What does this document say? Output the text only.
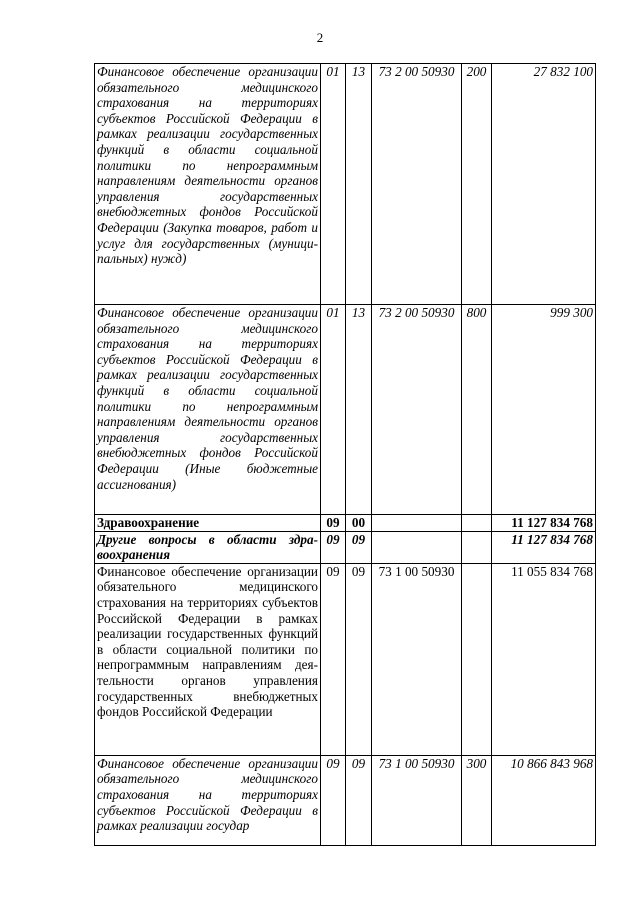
2
Финансовое обеспечение организации обязательного медицинского страхования на территориях субъектов Российской Федерации в рамках реализации государственных функций в области социальной политики по непрограммным направлениям деятельности органов управления государственных внебюджетных фондов Российской Федерации (Закупка товаров, работ и услуг для государственных (муниципальных) нужд)	01	13	73 2 00 50930	200	27 832 100
Финансовое обеспечение организации обязательного медицинского страхования на территориях субъектов Российской Федерации в рамках реализации государственных функций в области социальной политики по непрограммным направлениям деятельности органов управления государственных внебюджетных фондов Российской Федерации (Иные бюджетные ассигнования)	01	13	73 2 00 50930	800	999 300
Здравоохранение	09	00			11 127 834 768
Другие вопросы в области здравоохранения	09	09			11 127 834 768
Финансовое обеспечение организации обязательного медицинского страхования на территориях субъектов Российской Федерации в рамках реализации государственных функций в области социальной политики по непрограммным направлениям деятельности органов управления государственных внебюджетных фондов Российской Федерации	09	09	73 1 00 50930		11 055 834 768
Финансовое обеспечение организации обязательного медицинского страхования на территориях субъектов Российской Федерации в рамках реализации государ	09	09	73 1 00 50930	300	10 866 843 968
